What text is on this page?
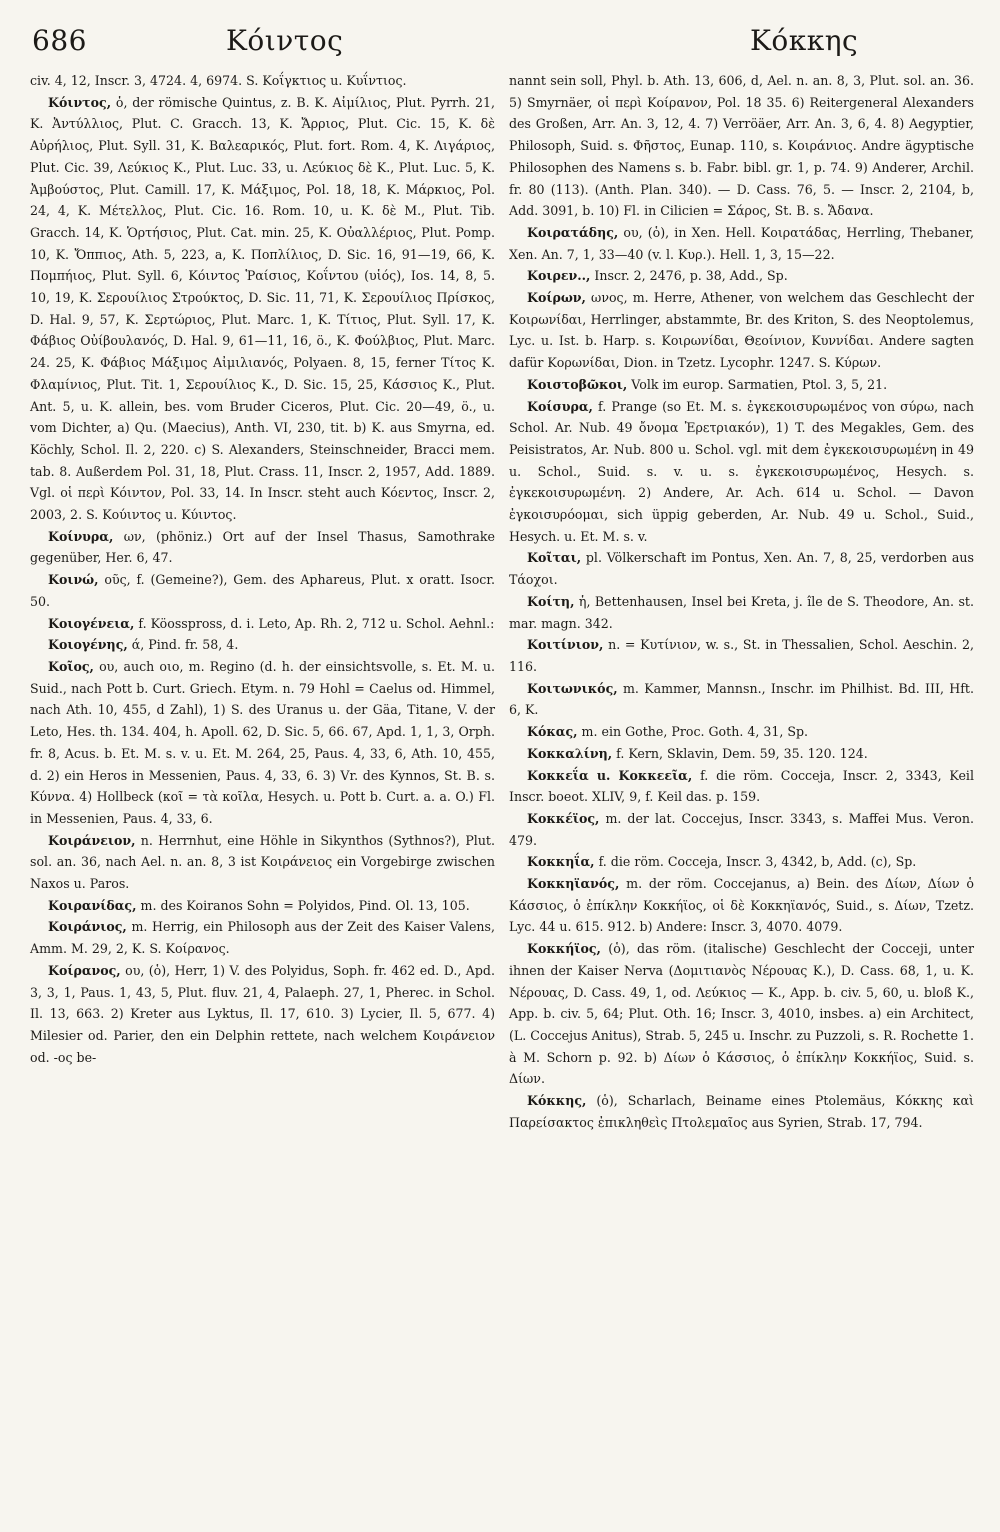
686	Κόιντος	Κόκκης

civ. 4, 12, Inscr. 3, 4724. 4, 6974. S. Κοΐγκτιος u. Κυΐντιος.

Κόιντος, ὁ, der römische Quintus, z. B. K. Αἰμίλιος, Plut. Pyrrh. 21, K. Ἀντύλλιος, Plut. C. Gracch. 13, K. Ἄρριος, Plut. Cic. 15, K. δὲ Αὐρήλιος, Plut. Syll. 31, K. Βαλεαρικός, Plut. fort. Rom. 4, K. Λιγάριος, Plut. Cic. 39, Λεύκιος K., Plut. Luc. 33, u. Λεύκιος δὲ K., Plut. Luc. 5, K. Ἀμβούστος, Plut. Camill. 17, K. Μάξιμος, Pol. 18, 18, K. Μάρκιος, Pol. 24, 4, K. Μέτελλος, Plut. Cic. 16. Rom. 10, u. K. δὲ M., Plut. Tib. Gracch. 14, K. Ὁρτήσιος, Plut. Cat. min. 25, K. Οὐαλλέριος, Plut. Pomp. 10, K. Ὄππιος, Ath. 5, 223, a, K. Ποπλίλιος, D. Sic. 16, 91—19, 66, K. Πομπήιος, Plut. Syll. 6, Κόιντος Ῥαίσιος, Κοΐντου (υἱός), Ios. 14, 8, 5. 10, 19, K. Σερουίλιος Στρούκτος, D. Sic. 11, 71, K. Σερουίλιος Πρίσκος, D. Hal. 9, 57, K. Σερτώριος, Plut. Marc. 1, K. Τίτιος, Plut. Syll. 17, K. Φάβιος Οὐίβουλανός, D. Hal. 9, 61—11, 16, ö., K. Φούλβιος, Plut. Marc. 24. 25, K. Φάβιος Μάξιμος Αἰμιλιανός, Polyaen. 8, 15, ferner Τίτος K. Φλαμίνιος, Plut. Tit. 1, Σερουίλιος K., D. Sic. 15, 25, Κάσσιος K., Plut. Ant. 5, u. K. allein, bes. vom Bruder Ciceros, Plut. Cic. 20—49, ö., u. vom Dichter, a) Qu. (Maecius), Anth. VI, 230, tit. b) K. aus Smyrna, ed. Köchly, Schol. Il. 2, 220. c) S. Alexanders, Steinschneider, Bracci mem. tab. 8. Außerdem Pol. 31, 18, Plut. Crass. 11, Inscr. 2, 1957, Add. 1889. Vgl. οἱ περὶ Κόιντον, Pol. 33, 14. In Inscr. steht auch Κόεντος, Inscr. 2, 2003, 2. S. Κούιντος u. Κύιντος.

Κοίνυρα, ων, (phöniz.) Ort auf der Insel Thasus, Samothrake gegenüber, Her. 6, 47.

Κοινώ, οῦς, f. (Gemeine?), Gem. des Aphareus, Plut. x oratt. Isocr. 50.

Κοιογένεια, f. Köosspross, d. i. Leto, Ap. Rh. 2, 712 u. Schol. Aehnl.:

Κοιογένης, ά, Pind. fr. 58, 4.

Κοῖος, ου, auch οιο, m. Regino (d. h. der einsichtsvolle, s. Et. M. u. Suid., nach Pott b. Curt. Griech. Etym. n. 79 Hohl = Caelus od. Himmel, nach Ath. 10, 455, d Zahl), 1) S. des Uranus u. der Gäa, Titane, V. der Leto, Hes. th. 134. 404, h. Apoll. 62, D. Sic. 5, 66. 67, Apd. 1, 1, 3, Orph. fr. 8, Acus. b. Et. M. s. v. u. Et. M. 264, 25, Paus. 4, 33, 6, Ath. 10, 455, d. 2) ein Heros in Messenien, Paus. 4, 33, 6. 3) Vr. des Kynnos, St. B. s. Κύννα. 4) Hollbeck (κοῖ = τὰ κοῖλα, Hesych. u. Pott b. Curt. a. a. O.) Fl. in Messenien, Paus. 4, 33, 6.

Κοιράνειον, n. Herrnhut, eine Höhle in Sikynthos (Sythnos?), Plut. sol. an. 36, nach Ael. n. an. 8, 3 ist Κοιράνειος ein Vorgebirge zwischen Naxos u. Paros.

Κοιρανίδας, m. des Koiranos Sohn = Polyidos, Pind. Ol. 13, 105.

Κοιράνιος, m. Herrig, ein Philosoph aus der Zeit des Kaiser Valens, Amm. M. 29, 2, K. S. Κοίρανος.

Κοίρανος, ου, (ὁ), Herr, 1) V. des Polyidus, Soph. fr. 462 ed. D., Apd. 3, 3, 1, Paus. 1, 43, 5, Plut. fluv. 21, 4, Palaeph. 27, 1, Pherec. in Schol. Il. 13, 663. 2) Kreter aus Lyktus, Il. 17, 610. 3) Lycier, Il. 5, 677. 4) Milesier od. Parier, den ein Delphin rettete, nach welchem Κοιράνειον od. -ος be-

nannt sein soll, Phyl. b. Ath. 13, 606, d, Ael. n. an. 8, 3, Plut. sol. an. 36. 5) Smyrnäer, οἱ περὶ Κοίρανον, Pol. 18 35. 6) Reitergeneral Alexanders des Großen, Arr. An. 3, 12, 4. 7) Verröäer, Arr. An. 3, 6, 4. 8) Aegyptier, Philosoph, Suid. s. Φῆστος, Eunap. 110, s. Κοιράνιος. Andre ägyptische Philosophen des Namens s. b. Fabr. bibl. gr. 1, p. 74. 9) Anderer, Archil. fr. 80 (113). (Anth. Plan. 340). — D. Cass. 76, 5. — Inscr. 2, 2104, b, Add. 3091, b. 10) Fl. in Cilicien = Σάρος, St. B. s. Ἄδανα.

Κοιρατάδης, ου, (ὁ), in Xen. Hell. Κοιρατάδας, Herrling, Thebaner, Xen. An. 7, 1, 33—40 (v. l. Κυρ.). Hell. 1, 3, 15—22.

Κοιρεν.., Inscr. 2, 2476, p. 38, Add., Sp.

Κοίρων, ωνος, m. Herre, Athener, von welchem das Geschlecht der Κοιρωνίδαι, Herrlinger, abstammte, Br. des Kriton, S. des Neoptolemus, Lyc. u. Ist. b. Harp. s. Κοιρωνίδαι, Θεοίνιον, Κυννίδαι. Andere sagten dafür Κορωνίδαι, Dion. in Tzetz. Lycophr. 1247. S. Κύρων.

Κοιστοβῶκοι, Volk im europ. Sarmatien, Ptol. 3, 5, 21.

Κοίσυρα, f. Prange (so Et. M. s. ἐγκεκοισυρωμένος von σύρω, nach Schol. Ar. Nub. 49 ὄνομα Ἐρετριακόν), 1) T. des Megakles, Gem. des Peisistratos, Ar. Nub. 800 u. Schol. vgl. mit dem ἐγκεκοισυρωμένη in 49 u. Schol., Suid. s. v. u. s. ἐγκεκοισυρωμένος, Hesych. s. ἐγκεκοισυρωμένη. 2) Andere, Ar. Ach. 614 u. Schol. — Davon ἐγκοισυρόομαι, sich üppig geberden, Ar. Nub. 49 u. Schol., Suid., Hesych. u. Et. M. s. v.

Κοῖται, pl. Völkerschaft im Pontus, Xen. An. 7, 8, 25, verdorben aus Τάοχοι.

Κοίτη, ἡ, Bettenhausen, Insel bei Kreta, j. île de S. Theodore, An. st. mar. magn. 342.

Κοιτίνιον, n. = Κυτίνιον, w. s., St. in Thessalien, Schol. Aeschin. 2, 116.

Κοιτωνικός, m. Kammer, Mannsn., Inschr. im Philhist. Bd. III, Hft. 6, K.

Κόκας, m. ein Gothe, Proc. Goth. 4, 31, Sp.

Κοκκαλίνη, f. Kern, Sklavin, Dem. 59, 35. 120. 124.

Κοκκεΐα u. Κοκκεεῖα, f. die röm. Cocceja, Inscr. 2, 3343, Keil Inscr. boeot. XLIV, 9, f. Keil das. p. 159.

Κοκκέϊος, m. der lat. Coccejus, Inscr. 3343, s. Maffei Mus. Veron. 479.

Κοκκηΐα, f. die röm. Cocceja, Inscr. 3, 4342, b, Add. (c), Sp.

Κοκκηϊανός, m. der röm. Coccejanus, a) Bein. des Δίων, Δίων ὁ Κάσσιος, ὁ ἐπίκλην Κοκκήϊος, οἱ δὲ Κοκκηϊανός, Suid., s. Δίων, Tzetz. Lyc. 44 u. 615. 912. b) Andere: Inscr. 3, 4070. 4079.

Κοκκήϊος, (ὁ), das röm. (italische) Geschlecht der Cocceji, unter ihnen der Kaiser Nerva (Δομιτιανὸς Νέρουας K.), D. Cass. 68, 1, u. K. Νέρουας, D. Cass. 49, 1, od. Λεύκιος — K., App. b. civ. 5, 60, u. bloß K., App. b. civ. 5, 64; Plut. Oth. 16; Inscr. 3, 4010, insbes. a) ein Architect, (L. Coccejus Anitus), Strab. 5, 245 u. Inschr. zu Puzzoli, s. R. Rochette 1. à M. Schorn p. 92. b) Δίων ὁ Κάσσιος, ὁ ἐπίκλην Κοκκήϊος, Suid. s. Δίων.

Κόκκης, (ὁ), Scharlach, Beiname eines Ptolemäus, Κόκκης καὶ Παρείσακτος ἐπικληθεὶς Πτολεμαῖος aus Syrien, Strab. 17, 794.
